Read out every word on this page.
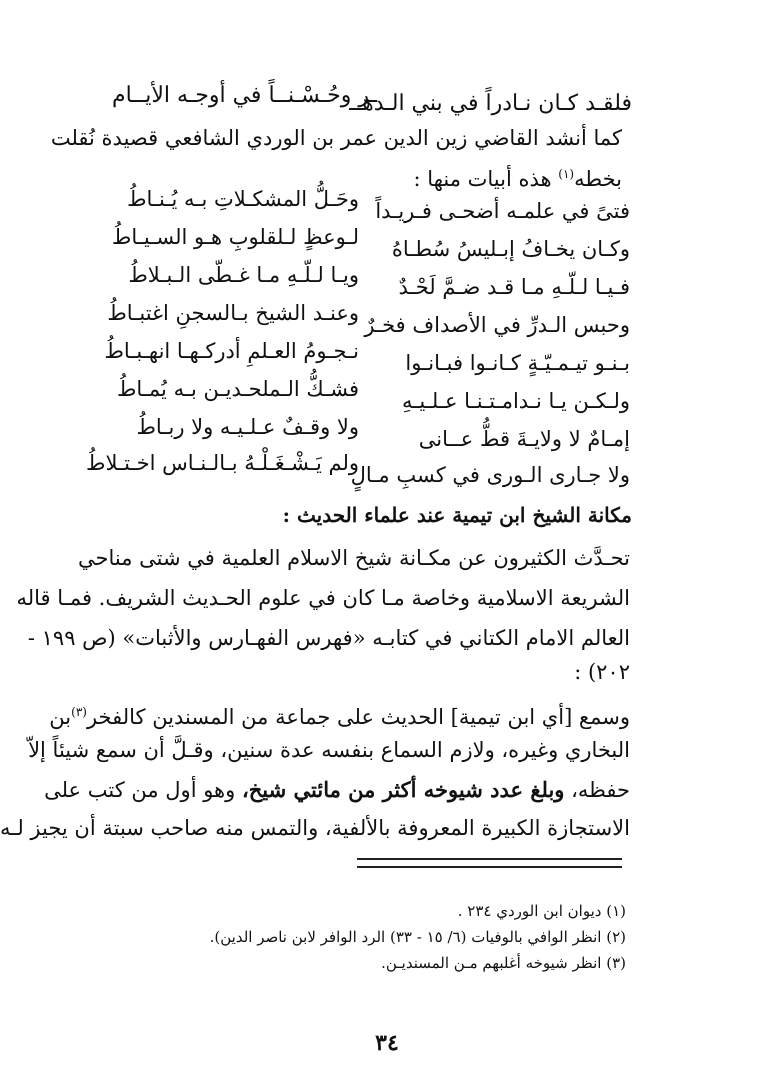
فلقـد كـان نـادراً في بني الـدهــ
ـر وحُـسْـنــاً في أوجـه الأيــام
كما أنشد القاضي زين الدين عمر بن الوردي الشافعي قصيدة نُقلت
بخطه$^{(١)}$ هذه أبيات منها :
فتىً في علمـه أضحـى فـريـداً
وحَـلُّ المشكـلاتِ بـه يُـنـاطُ
وكـان يخـافُ إبـليسُ سُطـاهُ
لـوعظٍ لـلقلوبِ هـو السـيـاطُ
فـيـا لـلّـهِ مـا قـد ضـمَّ لَحْـدٌ
ويـا لـلّـهِ مـا غـطّى الـبـلاطُ
وحبس الـدرِّ في الأصداف فخـرٌ
وعنـد الشيخ بـالسجنِ اغتبـاطُ
بـنـو تيـمـيّـةٍ كـانـوا فبـانـوا
نـجـومُ العـلمِ أدركـهـا انهـبـاطُ
ولـكـن يـا نـدامـتـنـا عـلـيـهِ
فشـكُّ الـملحـديـن بـه يُمـاطُ
إمـامٌ لا ولايـةَ قطُّ عــانى
ولا وقـفٌ عـلـيـه ولا ربـاطُ
ولا جـارى الـورى في كسبِ مـالٍ
ولم يَـشْـغَـلْـهُ بـالـنـاس اخـتـلاطُ
مكانة الشيخ ابن تيمية عند علماء الحديث :
تحـدَّث الكثيرون عن مكـانة شيخ الاسلام العلمية في شتى مناحي
الشريعة الاسلامية وخاصة مـا كان في علوم الحـديث الشريف. فمـا قاله
العالم الامام الكتاني في كتابـه «فهرس الفهـارس والأثبات» (ص ١٩٩ -
٢٠٢) :
وسمع [أي ابن تيمية] الحديث على جماعة من المسندين كالفخر$^{(٣)}$بن
البخاري وغيره، ولازم السماع بنفسه عدة سنين، وقـلَّ أن سمع شيئاً إلاّ
حفظه، وبلغ عدد شيوخه أكثر من مائتي شيخ، وهو أول من كتب على
الاستجازة الكبيرة المعروفة بالألفية، والتمس منه صاحب سبتة أن يجيز لـه
(١) ديوان ابن الوردي ٢٣٤ .
(٢) انظر الوافي بالوفيات (٦/ ١٥ - ٣٣) الرد الوافر لابن ناصر الدين).
(٣) انظر شيوخه أغلبهم مـن المسنديـن.
٣٤
